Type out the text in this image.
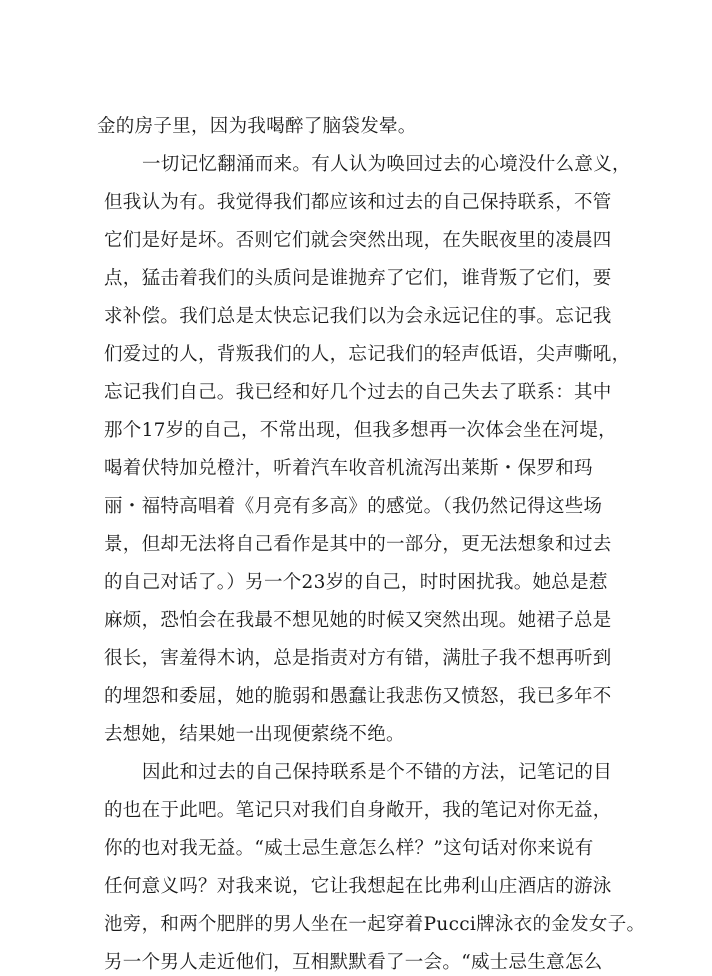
金的房子里，因为我喝醉了脑袋发晕。
一切记忆翻涌而来。有人认为唤回过去的心境没什么意义，
但我认为有。我觉得我们都应该和过去的自己保持联系，不管
它们是好是坏。否则它们就会突然出现，在失眠夜里的凌晨四
点，猛击着我们的头质问是谁抛弃了它们，谁背叛了它们，要
求补偿。我们总是太快忘记我们以为会永远记住的事。忘记我
们爱过的人，背叛我们的人，忘记我们的轻声低语，尖声嘶吼，
忘记我们自己。我已经和好几个过去的自己失去了联系：其中
那个17岁的自己，不常出现，但我多想再一次体会坐在河堤，
喝着伏特加兑橙汁，听着汽车收音机流泻出莱斯・保罗和玛
丽・福特高唱着《月亮有多高》的感觉。（我仍然记得这些场
景，但却无法将自己看作是其中的一部分，更无法想象和过去
的自己对话了。）另一个23岁的自己，时时困扰我。她总是惹
麻烦，恐怕会在我最不想见她的时候又突然出现。她裙子总是
很长，害羞得木讷，总是指责对方有错，满肚子我不想再听到
的埋怨和委屈，她的脆弱和愚蠢让我悲伤又愤怒，我已多年不
去想她，结果她一出现便萦绕不绝。
因此和过去的自己保持联系是个不错的方法，记笔记的目
的也在于此吧。笔记只对我们自身敞开，我的笔记对你无益，
你的也对我无益。“威士忌生意怎么样？”这句话对你来说有
任何意义吗？对我来说，它让我想起在比弗利山庄酒店的游泳
池旁，和两个肥胖的男人坐在一起穿着Pucci牌泳衣的金发女子。
另一个男人走近他们，互相默默看了一会。“威士忌生意怎么
